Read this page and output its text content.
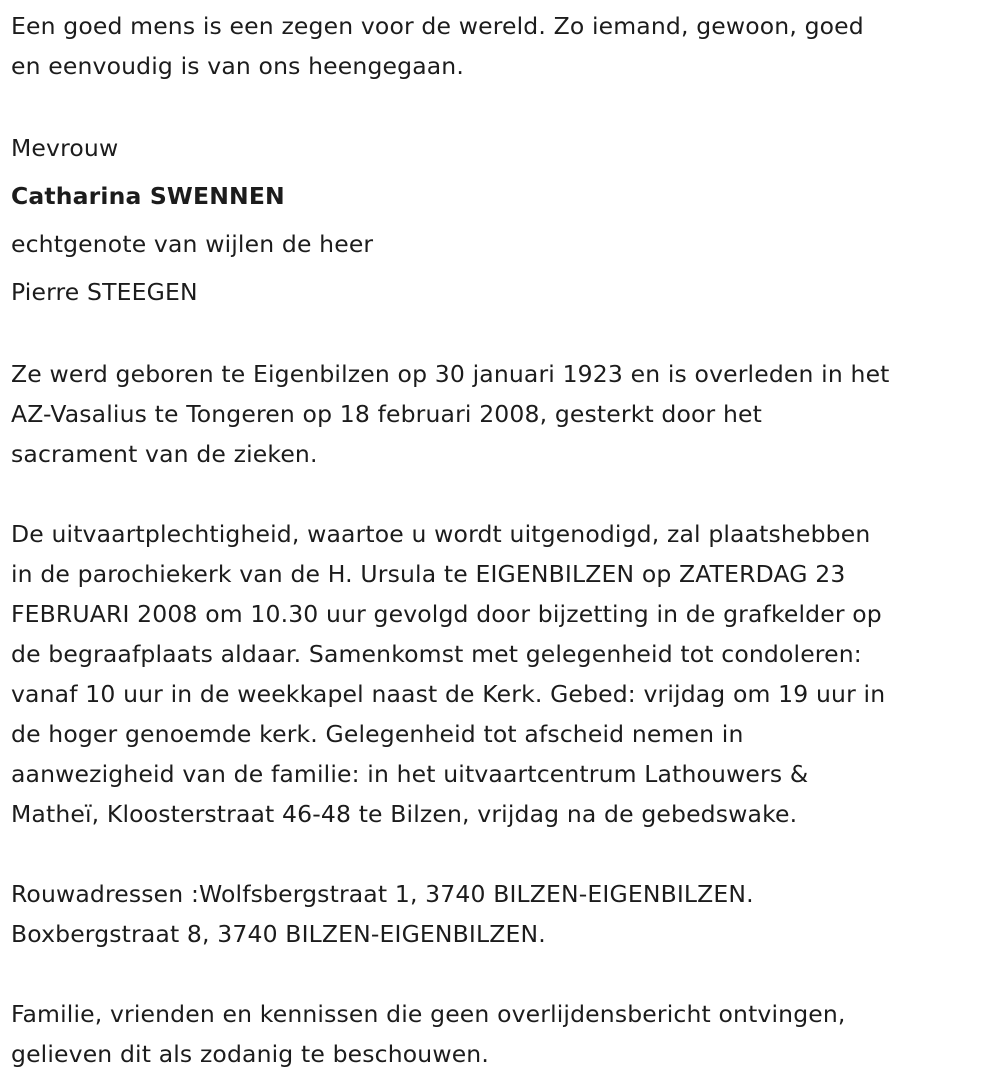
Een goed mens is een zegen voor de wereld. Zo iemand, gewoon, goed
en eenvoudig is van ons heengegaan.
Mevrouw
Catharina SWENNEN
echtgenote van wijlen de heer
Pierre STEEGEN
Ze werd geboren te Eigenbilzen op 30 januari 1923 en is overleden in het
AZ-Vasalius te Tongeren op 18 februari 2008, gesterkt door het
sacrament van de zieken.
De uitvaartplechtigheid, waartoe u wordt uitgenodigd, zal plaatshebben
in de parochiekerk van de H. Ursula te EIGENBILZEN op ZATERDAG 23
FEBRUARI 2008 om 10.30 uur gevolgd door bijzetting in de grafkelder op
de begraafplaats aldaar. Samenkomst met gelegenheid tot condoleren:
vanaf 10 uur in de weekkapel naast de Kerk. Gebed: vrijdag om 19 uur in
de hoger genoemde kerk. Gelegenheid tot afscheid nemen in
aanwezigheid van de familie: in het uitvaartcentrum Lathouwers &
Matheï, Kloosterstraat 46-48 te Bilzen, vrijdag na de gebedswake.
Rouwadressen :Wolfsbergstraat 1, 3740 BILZEN-EIGENBILZEN.
Boxbergstraat 8, 3740 BILZEN-EIGENBILZEN.
Familie, vrienden en kennissen die geen overlijdensbericht ontvingen,
gelieven dit als zodanig te beschouwen.
